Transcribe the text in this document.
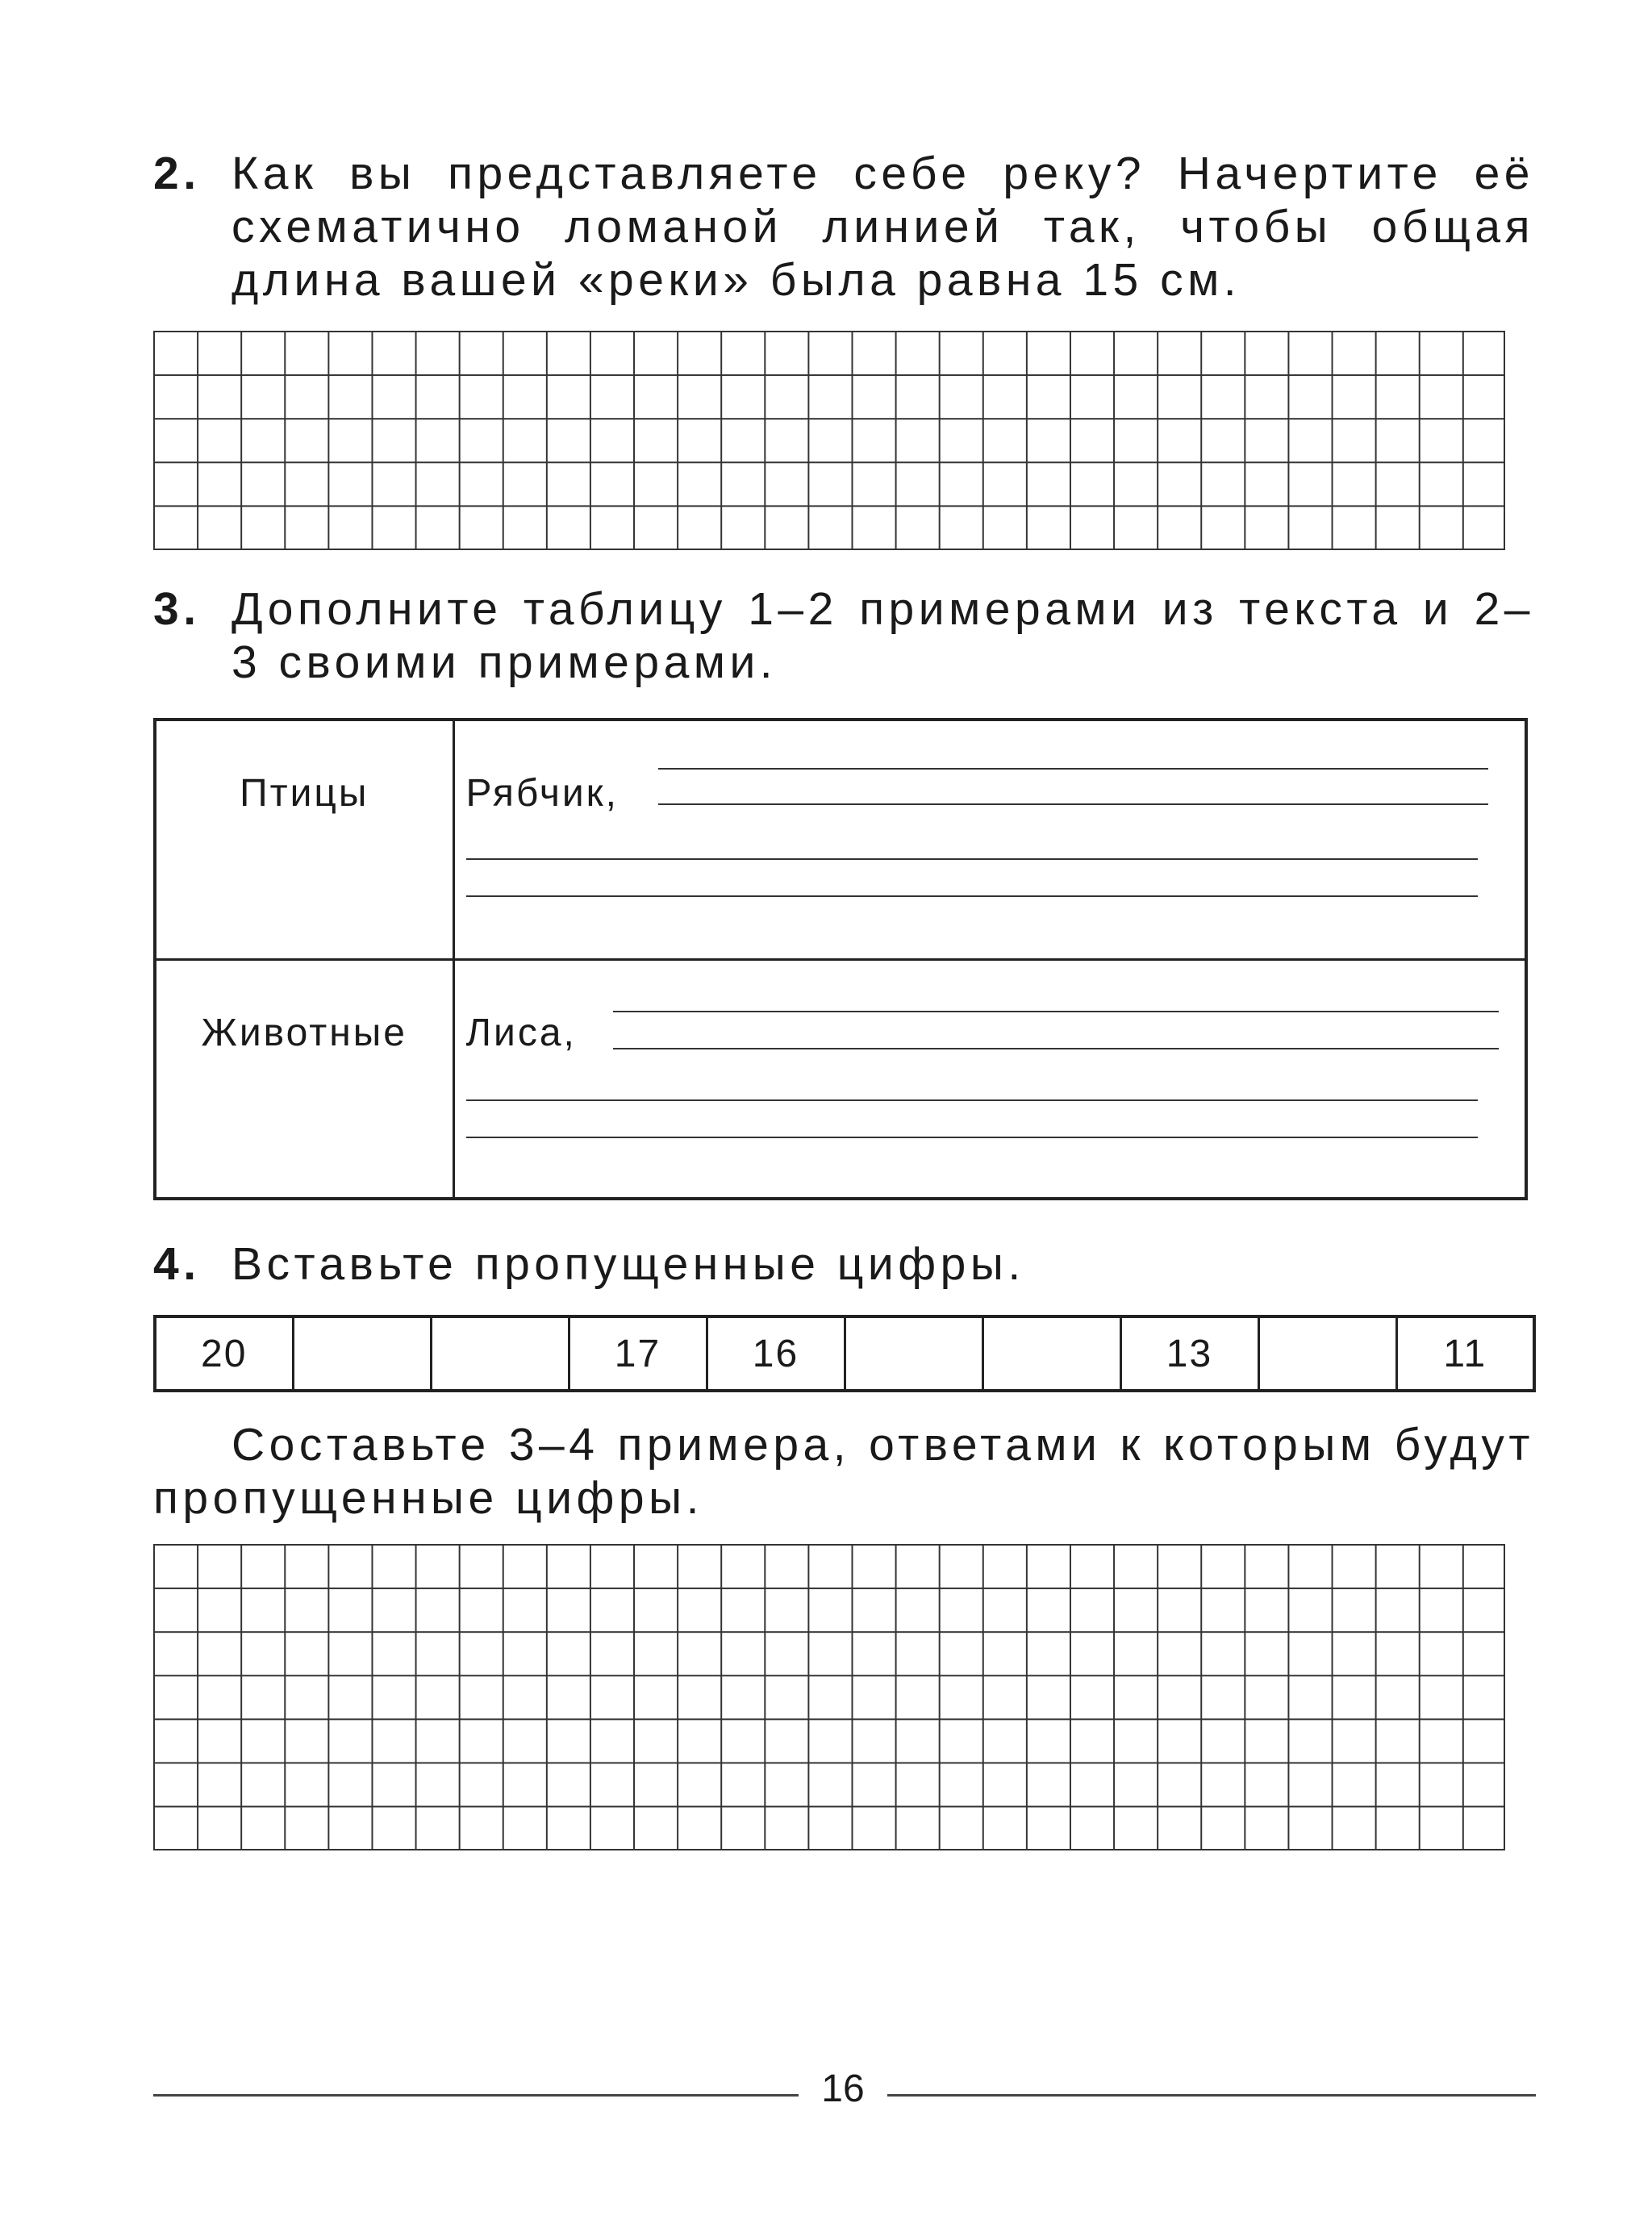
2. Как вы представляете себе реку? Начертите её схематично ломаной линией так, чтобы общая длина вашей «реки» была равна 15 см.
3. Дополните таблицу 1–2 примерами из текста и 2–3 своими примерами.
Птицы	Рябчик,

Животные	Лиса,
4. Вставьте пропущенные цифры.
20			17	16			13		11
Составьте 3–4 примера, ответами к которым будут пропущенные цифры.
16
